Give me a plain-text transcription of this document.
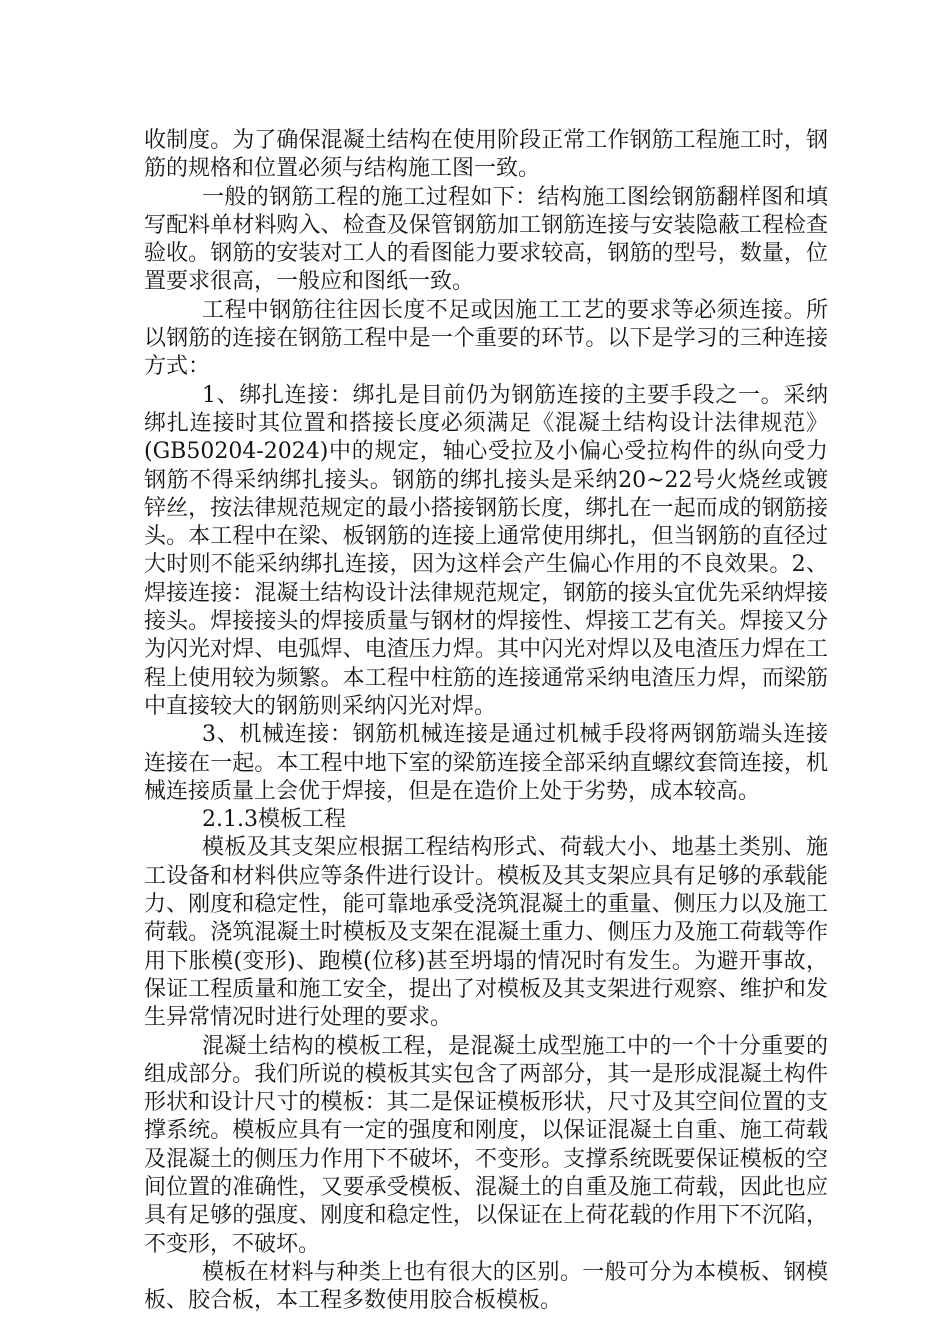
收制度。为了确保混凝土结构在使用阶段正常工作钢筋工程施工时，钢筋的规格和位置必须与结构施工图一致。

一般的钢筋工程的施工过程如下：结构施工图绘钢筋翻样图和填写配料单材料购入、检查及保管钢筋加工钢筋连接与安装隐蔽工程检查验收。钢筋的安装对工人的看图能力要求较高，钢筋的型号，数量，位置要求很高，一般应和图纸一致。

工程中钢筋往往因长度不足或因施工工艺的要求等必须连接。所以钢筋的连接在钢筋工程中是一个重要的环节。以下是学习的三种连接方式：

1、绑扎连接：绑扎是目前仍为钢筋连接的主要手段之一。采纳绑扎连接时其位置和搭接长度必须满足《混凝土结构设计法律规范》(GB50204-2024)中的规定，轴心受拉及小偏心受拉构件的纵向受力钢筋不得采纳绑扎接头。钢筋的绑扎接头是采纳20~22号火烧丝或镀锌丝，按法律规范规定的最小搭接钢筋长度，绑扎在一起而成的钢筋接头。本工程中在梁、板钢筋的连接上通常使用绑扎，但当钢筋的直径过大时则不能采纳绑扎连接，因为这样会产生偏心作用的不良效果。2、焊接连接：混凝土结构设计法律规范规定，钢筋的接头宜优先采纳焊接接头。焊接接头的焊接质量与钢材的焊接性、焊接工艺有关。焊接又分为闪光对焊、电弧焊、电渣压力焊。其中闪光对焊以及电渣压力焊在工程上使用较为频繁。本工程中柱筋的连接通常采纳电渣压力焊，而梁筋中直接较大的钢筋则采纳闪光对焊。

3、机械连接：钢筋机械连接是通过机械手段将两钢筋端头连接连接在一起。本工程中地下室的梁筋连接全部采纳直螺纹套筒连接，机械连接质量上会优于焊接，但是在造价上处于劣势，成本较高。

2.1.3模板工程

模板及其支架应根据工程结构形式、荷载大小、地基土类别、施工设备和材料供应等条件进行设计。模板及其支架应具有足够的承载能力、刚度和稳定性，能可靠地承受浇筑混凝土的重量、侧压力以及施工荷载。浇筑混凝土时模板及支架在混凝土重力、侧压力及施工荷载等作用下胀模(变形)、跑模(位移)甚至坍塌的情况时有发生。为避开事故，保证工程质量和施工安全，提出了对模板及其支架进行观察、维护和发生异常情况时进行处理的要求。

混凝土结构的模板工程，是混凝土成型施工中的一个十分重要的组成部分。我们所说的模板其实包含了两部分，其一是形成混凝土构件形状和设计尺寸的模板：其二是保证模板形状，尺寸及其空间位置的支撑系统。模板应具有一定的强度和刚度，以保证混凝土自重、施工荷载及混凝土的侧压力作用下不破坏，不变形。支撑系统既要保证模板的空间位置的准确性，又要承受模板、混凝土的自重及施工荷载，因此也应具有足够的强度、刚度和稳定性，以保证在上荷花载的作用下不沉陷，不变形，不破坏。

模板在材料与种类上也有很大的区别。一般可分为本模板、钢模板、胶合板，本工程多数使用胶合板模板。
